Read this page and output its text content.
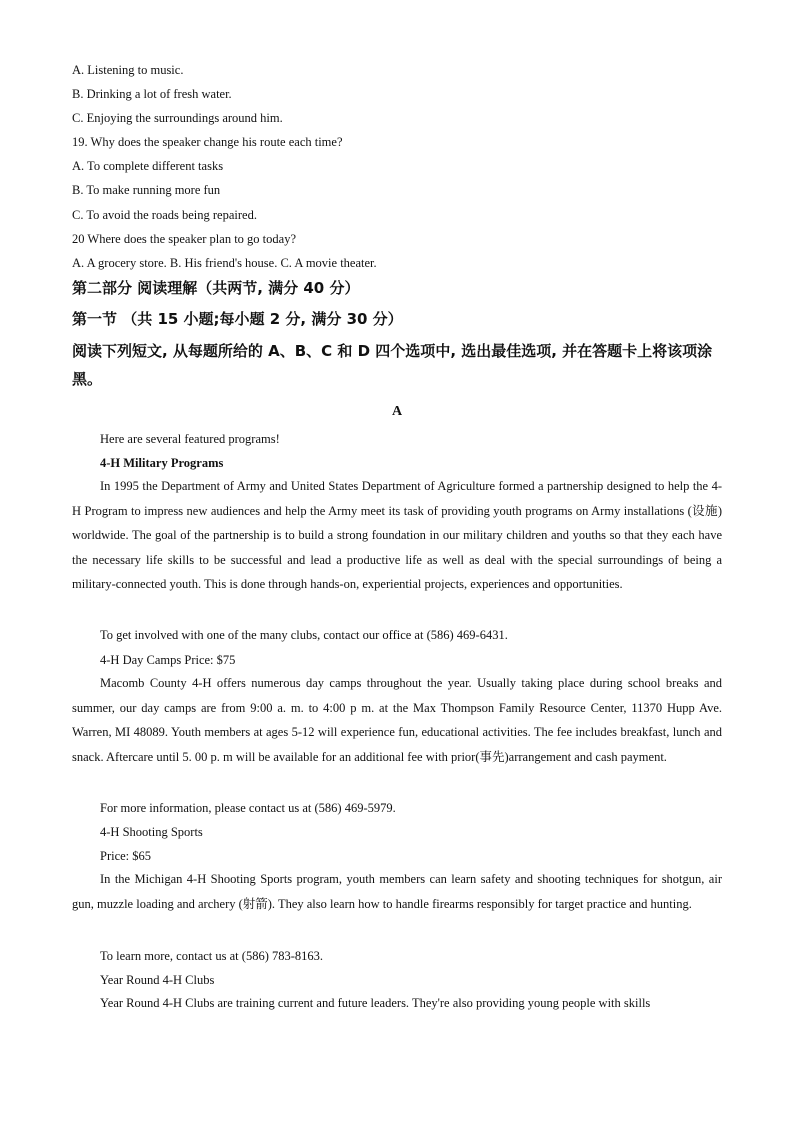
A. Listening to music.
B. Drinking a lot of fresh water.
C. Enjoying the surroundings around him.
19. Why does the speaker change his route each time?
A. To complete different tasks
B. To make running more fun
C. To avoid the roads being repaired.
20 Where does the speaker plan to go today?
A. A grocery store. B. His friend's house. C. A movie theater.
第二部分 阅读理解（共两节, 满分 40 分）
第一节 （共 15 小题;每小题 2 分, 满分 30 分）
阅读下列短文, 从每题所给的 A、B、C 和 D 四个选项中, 选出最佳选项, 并在答题卡上将该项涂黑。
A
Here are several featured programs!
4-H Military Programs
In 1995 the Department of Army and United States Department of Agriculture formed a partnership designed to help the 4-H Program to impress new audiences and help the Army meet its task of providing youth programs on Army installations (设施) worldwide. The goal of the partnership is to build a strong foundation in our military children and youths so that they each have the necessary life skills to be successful and lead a productive life as well as deal with the special surroundings of being a military-connected youth. This is done through hands-on, experiential projects, experiences and opportunities.
To get involved with one of the many clubs, contact our office at (586) 469-6431.
4-H Day Camps Price: $75
Macomb County 4-H offers numerous day camps throughout the year. Usually taking place during school breaks and summer, our day camps are from 9:00 a. m. to 4:00 p m. at the Max Thompson Family Resource Center, 11370 Hupp Ave. Warren, MI 48089. Youth members at ages 5-12 will experience fun, educational activities. The fee includes breakfast, lunch and snack. Aftercare until 5. 00 p. m will be available for an additional fee with prior(事先)arrangement and cash payment.
For more information, please contact us at (586) 469-5979.
4-H Shooting Sports
Price: $65
In the Michigan 4-H Shooting Sports program, youth members can learn safety and shooting techniques for shotgun, air gun, muzzle loading and archery (射箭). They also learn how to handle firearms responsibly for target practice and hunting.
To learn more, contact us at (586) 783-8163.
Year Round 4-H Clubs
Year Round 4-H Clubs are training current and future leaders. They're also providing young people with skills
